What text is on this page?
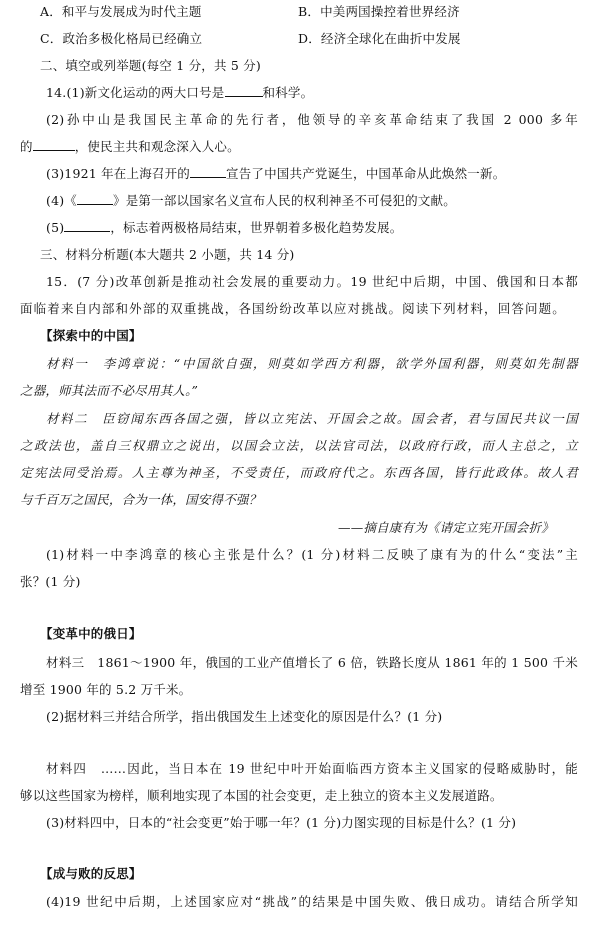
A．和平与发展成为时代主题	B．中美两国操控着世界经济
C．政治多极化格局已经确立	D．经济全球化在曲折中发展
二、填空或列举题(每空 1 分，共 5 分)
14.(1)新文化运动的两大口号是	和科学。
(2)孙中山是我国民主革命的先行者，他领导的辛亥革命结束了我国 2 000 多年
的	，使民主共和观念深入人心。
(3)1921 年在上海召开的	宣告了中国共产党诞生，中国革命从此焕然一新。
(4)《	》是第一部以国家名义宣布人民的权利神圣不可侵犯的文献。
(5)	，标志着两极格局结束，世界朝着多极化趋势发展。
三、材料分析题(本大题共 2 小题，共 14 分)
15．(7 分)改革创新是推动社会发展的重要动力。19 世纪中后期，中国、俄国和日本都
面临着来自内部和外部的双重挑战，各国纷纷改革以应对挑战。阅读下列材料，回答问题。
【探索中的中国】
材料一　李鸿章说：“中国欲自强，则莫如学西方利器，欲学外国利器，则莫如先制器
之器，师其法而不必尽用其人。”
材料二　臣窃闻东西各国之强，皆以立宪法、开国会之故。国会者，君与国民共议一国
之政法也，盖自三权鼎立之说出，以国会立法，以法官司法，以政府行政，而人主总之，立
定宪法同受治焉。人主尊为神圣，不受责任，而政府代之。东西各国，皆行此政体。故人君
与千百万之国民，合为一体，国安得不强？
——摘自康有为《请定立宪开国会折》
(1)材料一中李鸿章的核心主张是什么？(1 分)材料二反映了康有为的什么“变法”主
张？(1 分)
【变革中的俄日】
材料三　1861～1900 年，俄国的工业产值增长了 6 倍，铁路长度从 1861 年的 1 500 千米
增至 1900 年的 5.2 万千米。
(2)据材料三并结合所学，指出俄国发生上述变化的原因是什么？(1 分)
材料四　……因此，当日本在 19 世纪中叶开始面临西方资本主义国家的侵略威胁时，能
够以这些国家为榜样，顺利地实现了本国的社会变更，走上独立的资本主义发展道路。
(3)材料四中，日本的“社会变更”始于哪一年？(1 分)力图实现的目标是什么？(1 分)
【成与败的反思】
(4)19 世纪中后期，上述国家应对“挑战”的结果是中国失败、俄日成功。请结合所学知
